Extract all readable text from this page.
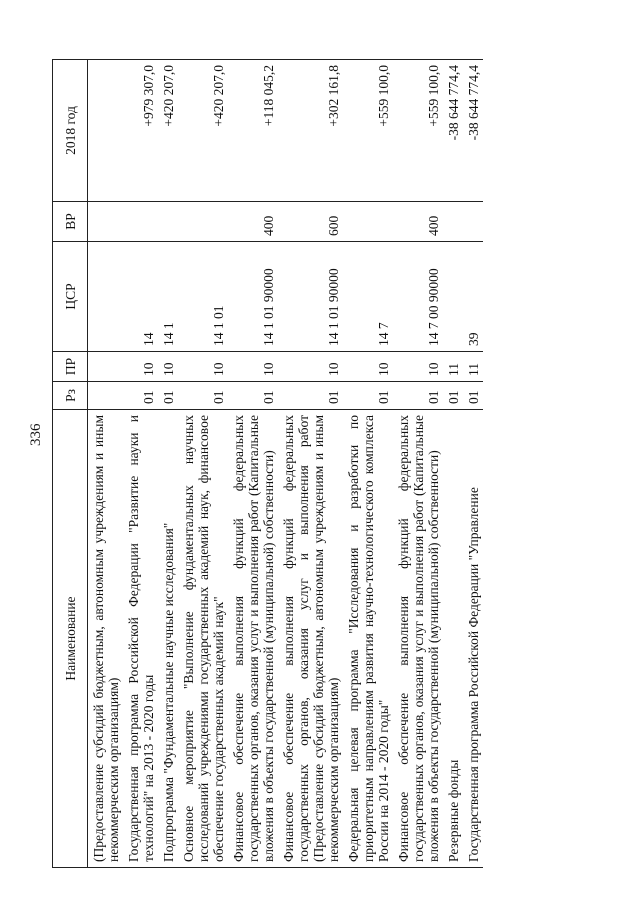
336
Наименование	Рз	ПР	ЦСР	ВР	2018 год
(Предоставление субсидий бюджетным, автономным учреждениям и иным некоммерческим организациям)					
Государственная программа Российской Федерации "Развитие науки и технологий" на 2013 - 2020 годы	01	10	14		+979 307,0
Подпрограмма "Фундаментальные научные исследования"	01	10	14 1		+420 207,0
Основное мероприятие "Выполнение фундаментальных научных исследований учреждениями государственных академий наук, финансовое обеспечение государственных академий наук"	01	10	14 1 01		+420 207,0
Финансовое обеспечение выполнения функций федеральных государственных органов, оказания услуг и выполнения работ (Капитальные вложения в объекты государственной (муниципальной) собственности)	01	10	14 1 01 90000	400	+118 045,2
Финансовое обеспечение выполнения функций федеральных государственных органов, оказания услуг и выполнения работ (Предоставление субсидий бюджетным, автономным учреждениям и иным некоммерческим организациям)	01	10	14 1 01 90000	600	+302 161,8
Федеральная целевая программа "Исследования и разработки по приоритетным направлениям развития научно-технологического комплекса России на 2014 - 2020 годы"	01	10	14 7		+559 100,0
Финансовое обеспечение выполнения функций федеральных государственных органов, оказания услуг и выполнения работ (Капитальные вложения в объекты государственной (муниципальной) собственности)	01	10	14 7 00 90000	400	+559 100,0
Резервные фонды	01	11			-38 644 774,4
Государственная программа Российской Федерации "Управление	01	11	39		-38 644 774,4
